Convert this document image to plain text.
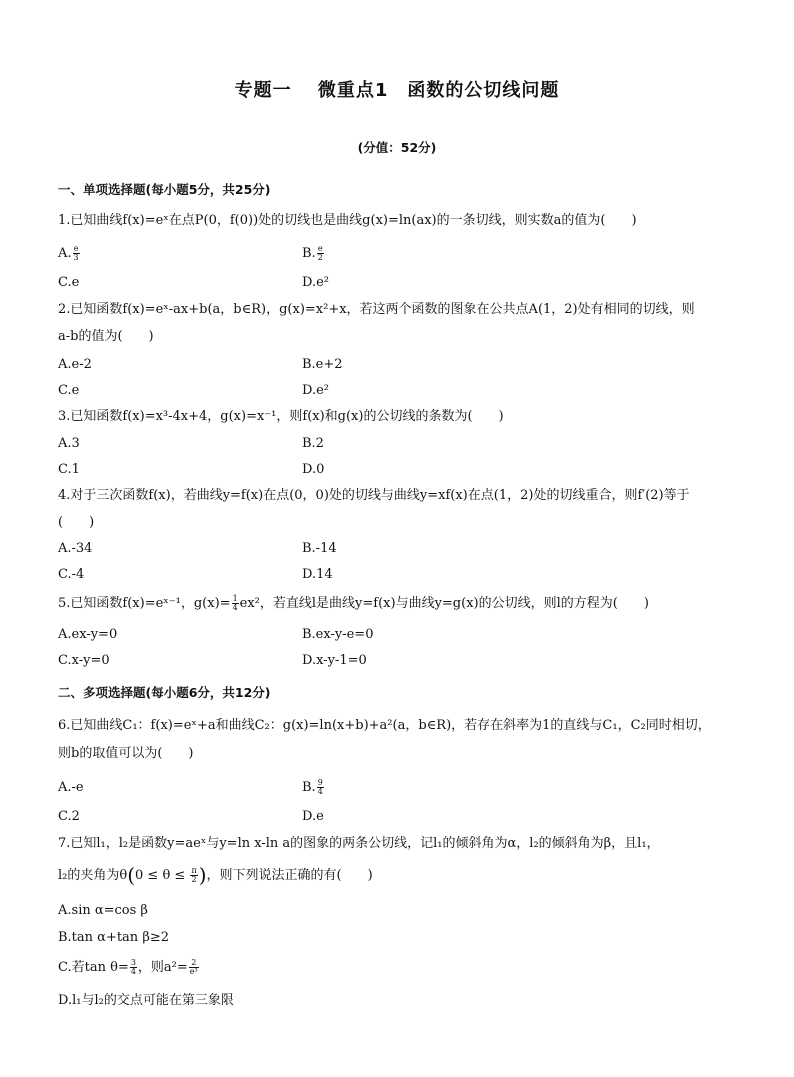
专题一　 微重点1　函数的公切线问题
(分值：52分)
一、单项选择题(每小题5分，共25分)
1.已知曲线f(x)=eˣ在点P(0，f(0))处的切线也是曲线g(x)=ln(ax)的一条切线，则实数a的值为(　　)
A. $\frac{e}{3}$	B. $\frac{e}{2}$
C.e	D.e²
2.已知函数f(x)=eˣ-ax+b(a，b∈R)，g(x)=x²+x，若这两个函数的图象在公共点A(1，2)处有相同的切线，则
a-b的值为(　　)
A.e-2	B.e+2
C.e	D.e²
3.已知函数f(x)=x³-4x+4，g(x)=x⁻¹，则f(x)和g(x)的公切线的条数为(　　)
A.3	B.2
C.1	D.0
4.对于三次函数f(x)，若曲线y=f(x)在点(0，0)处的切线与曲线y=xf(x)在点(1，2)处的切线重合，则f′(2)等于
(　　)
A.-34	B.-14
C.-4	D.14
5.已知函数f(x)=eˣ⁻¹，$g(x)= \frac{1}{4} ex^2$，若直线l是曲线y=f(x)与曲线y=g(x)的公切线，则l的方程为(　　)
A.ex-y=0	B.ex-y-e=0
C.x-y=0	D.x-y-1=0
二、多项选择题(每小题6分，共12分)
6.已知曲线C₁：f(x)=eˣ+a和曲线C₂：g(x)=ln(x+b)+a²(a，b∈R)，若存在斜率为1的直线与C₁，C₂同时相切，
则b的取值可以为(　　)
A.-e	B. $\frac{9}{4}$
C.2	D.e
7.已知l₁，l₂是函数y=aeˣ与y=ln x-ln a的图象的两条公切线，记l₁的倾斜角为α，l₂的倾斜角为β，且l₁，
l₂的夹角为$\theta(0 \le \theta \le \frac{\pi}{2}$ )，则下列说法正确的有(　　)
A.sin α=cos β
B.tan α+tan β≥2
C.若$\tan \theta= \frac{3}{4}$ ，则$a^2= \frac{2}{\text{e³}}$
D.l₁与l₂的交点可能在第三象限
